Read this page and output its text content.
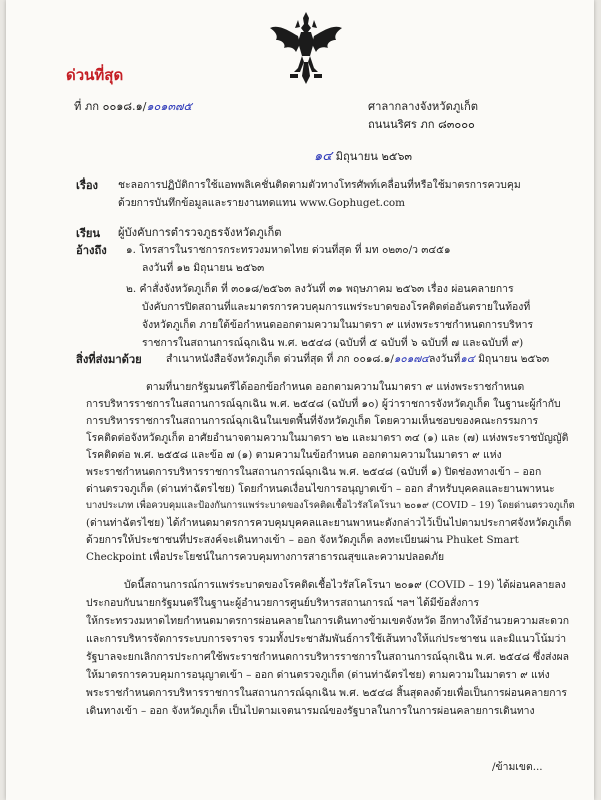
ด่วนที่สุด
ที่ ภก ๐๐๑๘.๑/๑๐๑๓๗๕	ศาลากลางจังหวัดภูเก็ต
ถนนนริศร ภก ๘๓๐๐๐
๑๔ มิถุนายน ๒๕๖๓
เรื่อง ชะลอการปฏิบัติการใช้แอพพลิเคชั่นติดตามตัวทางโทรศัพท์เคลื่อนที่หรือใช้มาตรการควบคุม
ด้วยการบันทึกข้อมูลและรายงานทดแทน www.Gophuget.com
เรียน ผู้บังคับการตำรวจภูธรจังหวัดภูเก็ต
อ้างถึง ๑. โทรสารในราชการกระทรวงมหาดไทย ด่วนที่สุด ที่ มท ๐๒๓๐/ว ๓๔๕๑
ลงวันที่ ๑๒ มิถุนายน ๒๕๖๓
๒. คำสั่งจังหวัดภูเก็ต ที่ ๓๐๑๘/๒๕๖๓ ลงวันที่ ๓๑ พฤษภาคม ๒๕๖๓ เรื่อง ผ่อนคลายการ
บังคับการปิดสถานที่และมาตรการควบคุมการแพร่ระบาดของโรคติดต่ออันตรายในท้องที่
จังหวัดภูเก็ต ภายใต้ข้อกำหนดออกตามความในมาตรา ๙ แห่งพระราชกำหนดการบริหาร
ราชการในสถานการณ์ฉุกเฉิน พ.ศ. ๒๕๔๘ (ฉบับที่ ๕ ฉบับที่ ๖ ฉบับที่ ๗ และฉบับที่ ๙)
สิ่งที่ส่งมาด้วย สำเนาหนังสือจังหวัดภูเก็ต ด่วนที่สุด ที่ ภก ๐๐๑๘.๑/๑๐๑๗๔ลงวันที่๑๔ มิถุนายน ๒๕๖๓
ตามที่นายกรัฐมนตรีได้ออกข้อกำหนด ออกตามความในมาตรา ๙ แห่งพระราชกำหนด
การบริหารราชการในสถานการณ์ฉุกเฉิน พ.ศ. ๒๕๔๘ (ฉบับที่ ๑๐) ผู้ว่าราชการจังหวัดภูเก็ต ในฐานะผู้กำกับ
การบริหารราชการในสถานการณ์ฉุกเฉินในเขตพื้นที่จังหวัดภูเก็ต โดยความเห็นชอบของคณะกรรมการ
โรคติดต่อจังหวัดภูเก็ต อาศัยอำนาจตามความในมาตรา ๒๒ และมาตรา ๓๔ (๑) และ (๗) แห่งพระราชบัญญัติ
โรคติดต่อ พ.ศ. ๒๕๕๘ และข้อ ๗ (๑) ตามความในข้อกำหนด ออกตามความในมาตรา ๙ แห่ง
พระราชกำหนดการบริหารราชการในสถานการณ์ฉุกเฉิน พ.ศ. ๒๕๔๘ (ฉบับที่ ๑) ปิดช่องทางเข้า – ออก
ด่านตรวจภูเก็ต (ด่านท่าฉัตรไชย) โดยกำหนดเงื่อนไขการอนุญาตเข้า – ออก สำหรับบุคคลและยานพาหนะ
บางประเภท เพื่อควบคุมและป้องกันการแพร่ระบาดของโรคติดเชื้อไวรัสโคโรนา ๒๐๑๙ (COVID – 19) โดยด่านตรวจภูเก็ต
(ด่านท่าฉัตรไชย) ได้กำหนดมาตรการควบคุมบุคคลและยานพาหนะดังกล่าวไว้เป็นไปตามประกาศจังหวัดภูเก็ต
ด้วยการให้ประชาชนที่ประสงค์จะเดินทางเข้า – ออก จังหวัดภูเก็ต ลงทะเบียนผ่าน Phuket Smart
Checkpoint เพื่อประโยชน์ในการควบคุมทางการสาธารณสุขและความปลอดภัย
บัดนี้สถานการณ์การแพร่ระบาดของโรคติดเชื้อไวรัสโคโรนา ๒๐๑๙ (COVID – 19) ได้ผ่อนคลายลง
ประกอบกับนายกรัฐมนตรีในฐานะผู้อำนวยการศูนย์บริหารสถานการณ์ ฯลฯ ได้มีข้อสั่งการ
ให้กระทรวงมหาดไทยกำหนดมาตรการผ่อนคลายในการเดินทางข้ามเขตจังหวัด อีกทางให้อำนวยความสะดวก
และการบริหารจัดการระบบการจราจร รวมทั้งประชาสัมพันธ์การใช้เส้นทางให้แก่ประชาชน และมิแนวโน้มว่า
รัฐบาลจะยกเลิกการประกาศใช้พระราชกำหนดการบริหารราชการในสถานการณ์ฉุกเฉิน พ.ศ. ๒๕๔๘ ซึ่งส่งผล
ให้มาตรการควบคุมการอนุญาตเข้า – ออก ด่านตรวจภูเก็ต (ด่านท่าฉัตรไชย) ตามความในมาตรา ๙ แห่ง
พระราชกำหนดการบริหารราชการในสถานการณ์ฉุกเฉิน พ.ศ. ๒๕๔๘ สิ้นสุดลงด้วยเพื่อเป็นการผ่อนคลายการ
เดินทางเข้า – ออก จังหวัดภูเก็ต เป็นไปตามเจตนารมณ์ของรัฐบาลในการในการผ่อนคลายการเดินทาง
/ข้ามเขต...
